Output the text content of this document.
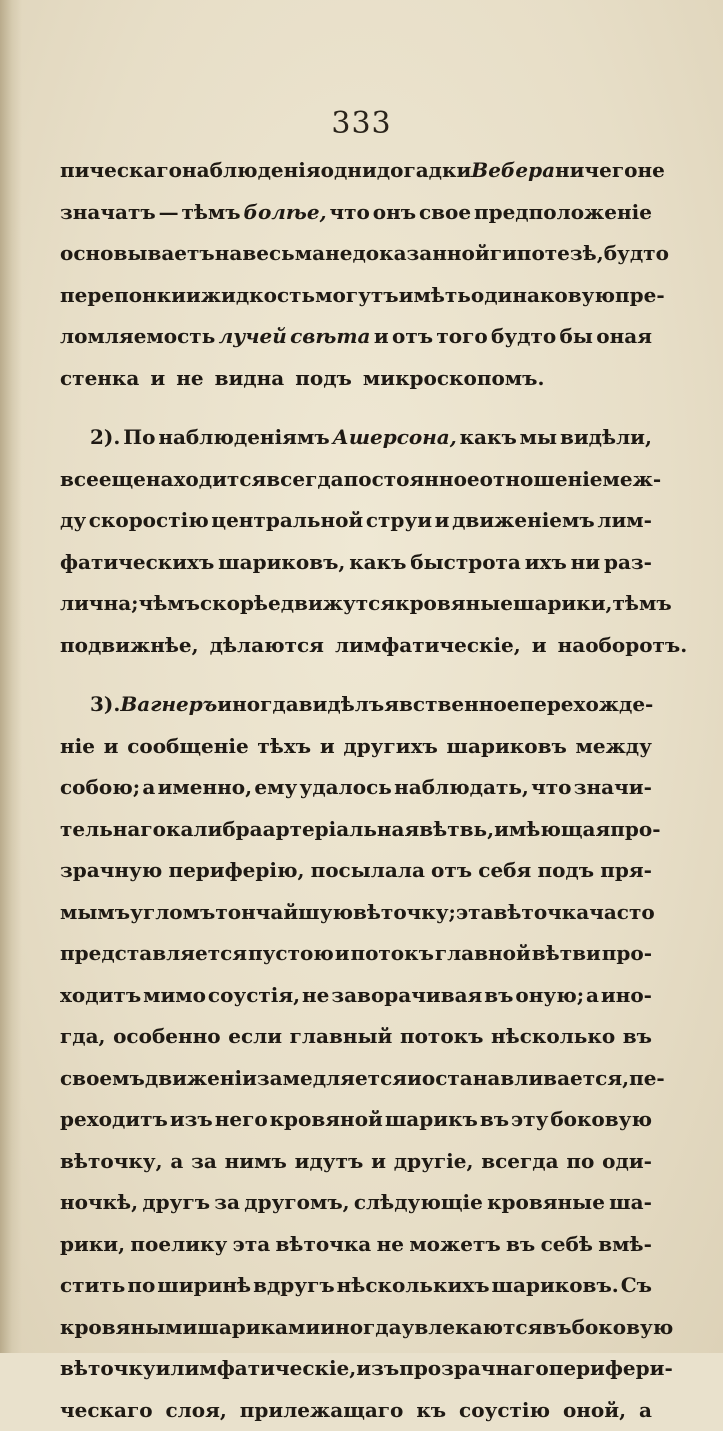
333
пическаго наблюденія одни догадки Вебера ничего не
значатъ — тѣмъ болѣе, что онъ свое предположеніе
основываетъ на весьма не доказанной гипотезѣ, будто
перепонки и жидкость могутъ имѣть одинаковую пре-
ломляемость лучей свѣта и отъ того будто бы оная
стенка и не видна подъ микроскопомъ.
2). По наблюденіямъ Ашерсона, какъ мы видѣли,
все еще находится всегда постоянное отношеніе меж-
ду скоростію центральной струи и движеніемъ лим-
фатическихъ шариковъ, какъ быстрота ихъ ни раз-
лична; чѣмъ скорѣе движутся кровяные шарики, тѣмъ
подвижнѣе, дѣлаются лимфатическіе, и наоборотъ.
3). Вагнеръ иногда видѣлъ явственное перехожде-
ніе и сообщеніе тѣхъ и другихъ шариковъ между
собою; а именно, ему удалось наблюдать, что значи-
тельнаго калибра артеріальная вѣтвь, имѣющая про-
зрачную периферію, посылала отъ себя подъ пря-
мымъ угломъ тончайшую вѣточку; эта вѣточка часто
представляется пустою и потокъ главной вѣтви про-
ходитъ мимо соустія, не заворачивая въ оную; а ино-
гда, особенно если главный потокъ нѣсколько въ
своемъ движеніи замедляется и останавливается, пе-
реходитъ изъ него кровяной шарикъ въ эту боковую
вѣточку, а за нимъ идутъ и другіе, всегда по оди-
ночкѣ, другъ за другомъ, слѣдующіе кровяные ша-
рики, поелику эта вѣточка не можетъ въ себѣ вмѣ-
стить по ширинѣ вдругъ нѣсколькихъ шариковъ. Съ
кровяными шариками иногда увлекаются въ боковую
вѣточку и лимфатическіе, изъ прозрачнаго перифери-
ческаго слоя, прилежащаго къ соустію оной, а
